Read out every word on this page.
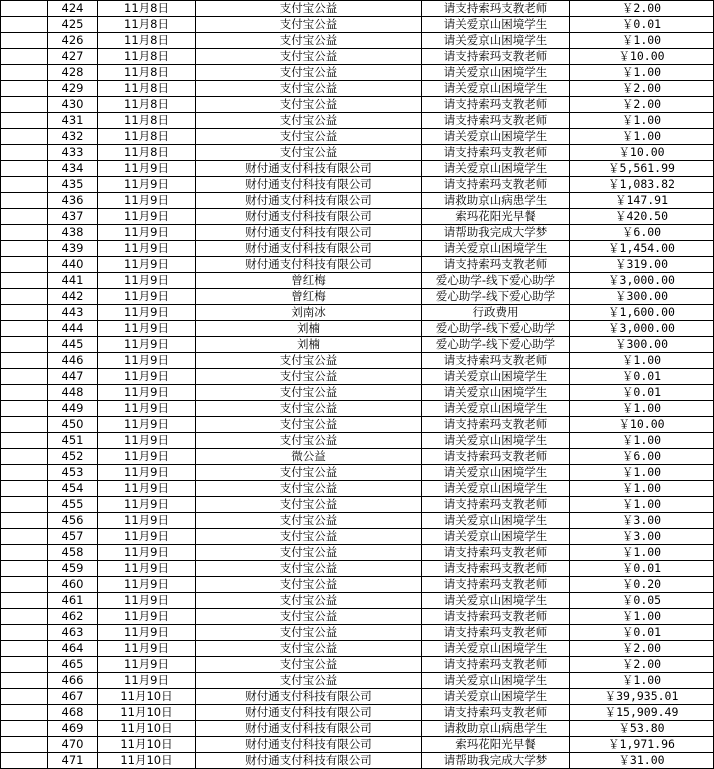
	424	11月8日	支付宝公益	请支持索玛支教老师	￥2.00
	425	11月8日	支付宝公益	请关爱京山困境学生	￥0.01
	426	11月8日	支付宝公益	请关爱京山困境学生	￥1.00
	427	11月8日	支付宝公益	请支持索玛支教老师	￥10.00
	428	11月8日	支付宝公益	请关爱京山困境学生	￥1.00
	429	11月8日	支付宝公益	请关爱京山困境学生	￥2.00
	430	11月8日	支付宝公益	请支持索玛支教老师	￥2.00
	431	11月8日	支付宝公益	请支持索玛支教老师	￥1.00
	432	11月8日	支付宝公益	请关爱京山困境学生	￥1.00
	433	11月8日	支付宝公益	请支持索玛支教老师	￥10.00
	434	11月9日	财付通支付科技有限公司	请关爱京山困境学生	￥5,561.99
	435	11月9日	财付通支付科技有限公司	请支持索玛支教老师	￥1,083.82
	436	11月9日	财付通支付科技有限公司	请救助京山病患学生	￥147.91
	437	11月9日	财付通支付科技有限公司	索玛花阳光早餐	￥420.50
	438	11月9日	财付通支付科技有限公司	请帮助我完成大学梦	￥6.00
	439	11月9日	财付通支付科技有限公司	请关爱京山困境学生	￥1,454.00
	440	11月9日	财付通支付科技有限公司	请支持索玛支教老师	￥319.00
	441	11月9日	曾红梅	爱心助学-线下爱心助学	￥3,000.00
	442	11月9日	曾红梅	爱心助学-线下爱心助学	￥300.00
	443	11月9日	刘南冰	行政费用	￥1,600.00
	444	11月9日	刘楠	爱心助学-线下爱心助学	￥3,000.00
	445	11月9日	刘楠	爱心助学-线下爱心助学	￥300.00
	446	11月9日	支付宝公益	请支持索玛支教老师	￥1.00
	447	11月9日	支付宝公益	请关爱京山困境学生	￥0.01
	448	11月9日	支付宝公益	请关爱京山困境学生	￥0.01
	449	11月9日	支付宝公益	请关爱京山困境学生	￥1.00
	450	11月9日	支付宝公益	请支持索玛支教老师	￥10.00
	451	11月9日	支付宝公益	请关爱京山困境学生	￥1.00
	452	11月9日	微公益	请支持索玛支教老师	￥6.00
	453	11月9日	支付宝公益	请关爱京山困境学生	￥1.00
	454	11月9日	支付宝公益	请关爱京山困境学生	￥1.00
	455	11月9日	支付宝公益	请支持索玛支教老师	￥1.00
	456	11月9日	支付宝公益	请关爱京山困境学生	￥3.00
	457	11月9日	支付宝公益	请关爱京山困境学生	￥3.00
	458	11月9日	支付宝公益	请支持索玛支教老师	￥1.00
	459	11月9日	支付宝公益	请支持索玛支教老师	￥0.01
	460	11月9日	支付宝公益	请支持索玛支教老师	￥0.20
	461	11月9日	支付宝公益	请关爱京山困境学生	￥0.05
	462	11月9日	支付宝公益	请支持索玛支教老师	￥1.00
	463	11月9日	支付宝公益	请支持索玛支教老师	￥0.01
	464	11月9日	支付宝公益	请关爱京山困境学生	￥2.00
	465	11月9日	支付宝公益	请支持索玛支教老师	￥2.00
	466	11月9日	支付宝公益	请关爱京山困境学生	￥1.00
	467	11月10日	财付通支付科技有限公司	请关爱京山困境学生	￥39,935.01
	468	11月10日	财付通支付科技有限公司	请支持索玛支教老师	￥15,909.49
	469	11月10日	财付通支付科技有限公司	请救助京山病患学生	￥53.80
	470	11月10日	财付通支付科技有限公司	索玛花阳光早餐	￥1,971.96
	471	11月10日	财付通支付科技有限公司	请帮助我完成大学梦	￥31.00
